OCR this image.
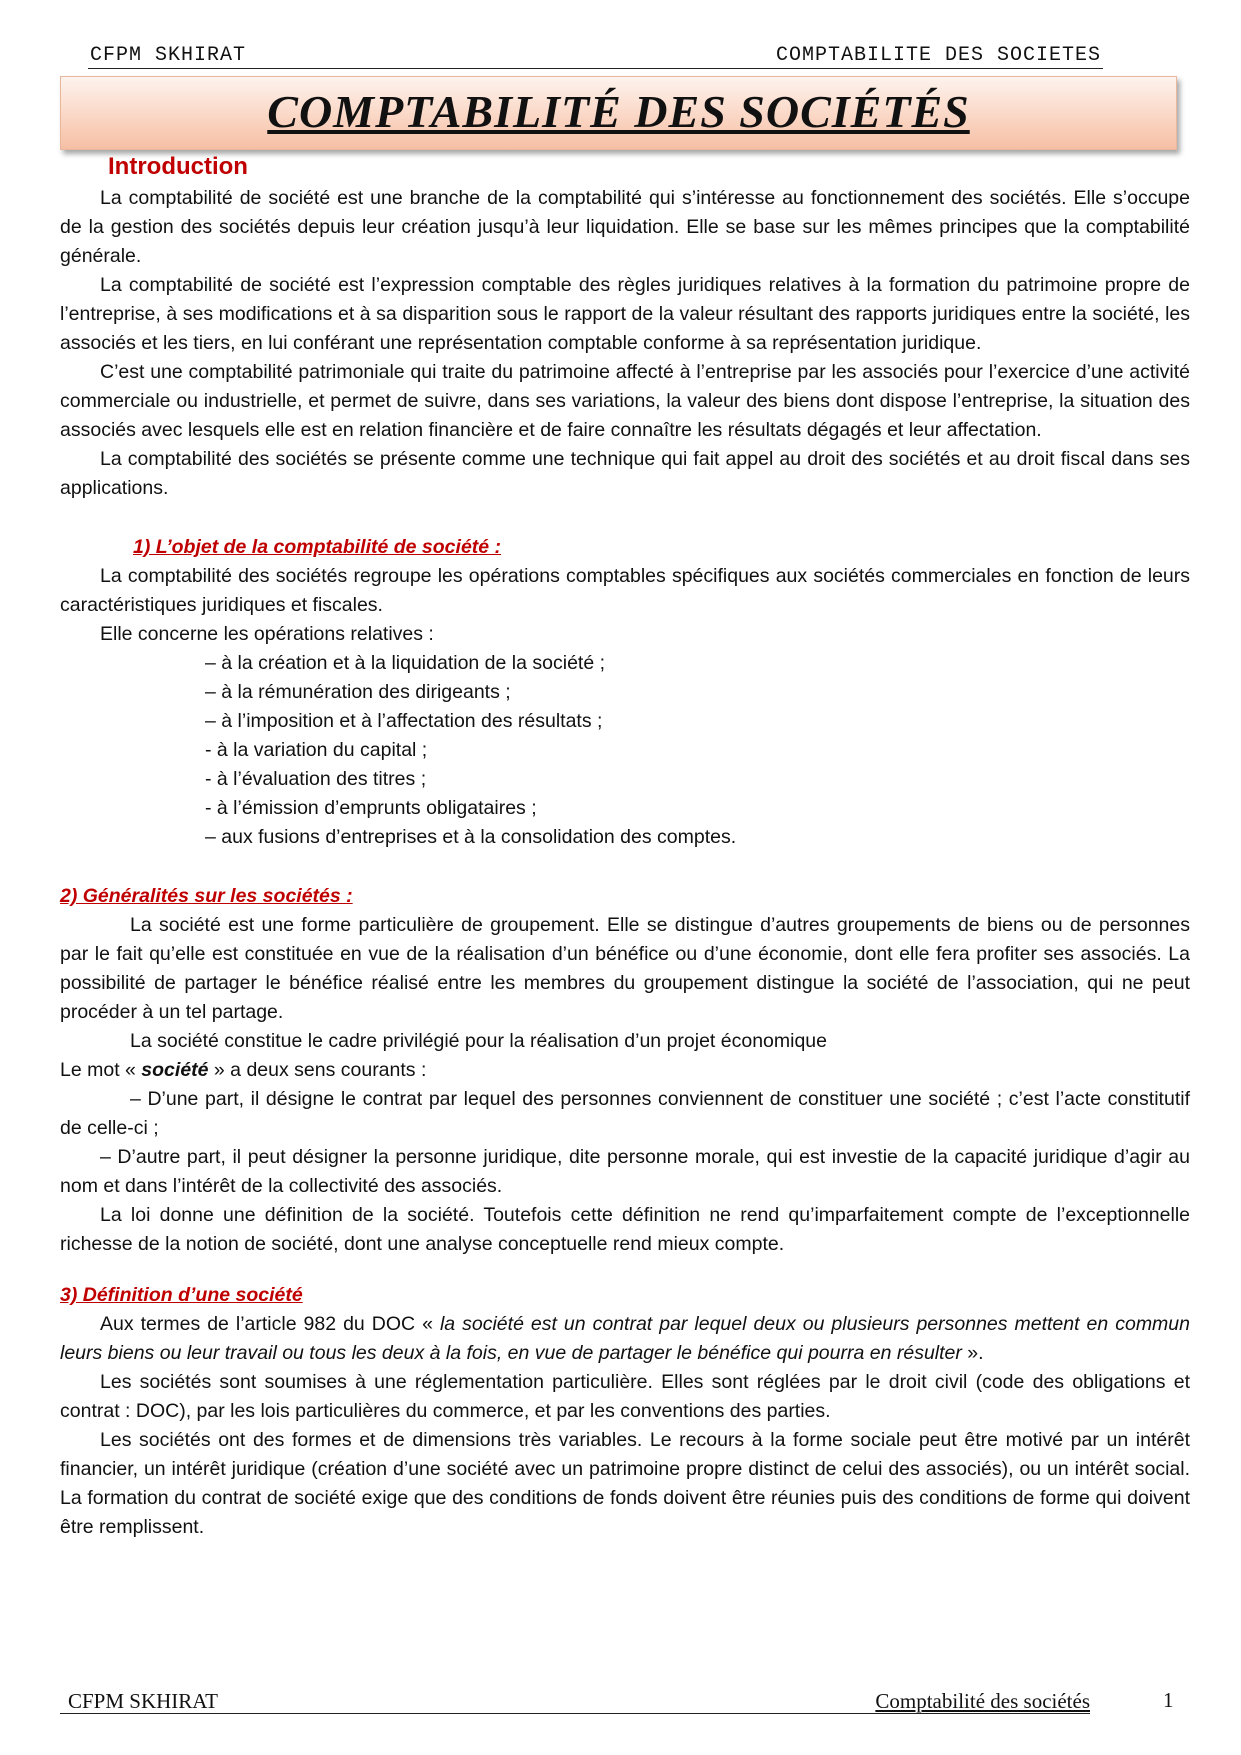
CFPM SKHIRAT	COMPTABILITE DES SOCIETES
COMPTABILITÉ DES SOCIÉTÉS

Introduction

La comptabilité de société est une branche de la comptabilité qui s’intéresse au fonctionnement des sociétés. Elle s’occupe de la gestion des sociétés depuis leur création jusqu’à leur liquidation. Elle se base sur les mêmes principes que la comptabilité générale.

La comptabilité de société est l’expression comptable des règles juridiques relatives à la formation du patrimoine propre de l’entreprise, à ses modifications et à sa disparition sous le rapport de la valeur résultant des rapports juridiques entre la société, les associés et les tiers, en lui conférant une représentation comptable conforme à sa représentation juridique.

C’est une comptabilité patrimoniale qui traite du patrimoine affecté à l’entreprise par les associés pour l’exercice d’une activité commerciale ou industrielle, et permet de suivre, dans ses variations, la valeur des biens dont dispose l’entreprise, la situation des associés avec lesquels elle est en relation financière et de faire connaître les résultats dégagés et leur affectation.

La comptabilité des sociétés se présente comme une technique qui fait appel au droit des sociétés et au droit fiscal dans ses applications.

1) L’objet de la comptabilité de société :

La comptabilité des sociétés regroupe les opérations comptables spécifiques aux sociétés commerciales en fonction de leurs caractéristiques juridiques et fiscales.

Elle concerne les opérations relatives :

– à la création et à la liquidation de la société ;

– à la rémunération des dirigeants ;

– à l’imposition et à l’affectation des résultats ;

- à la variation du capital ;

- à l’évaluation des titres ;

- à l’émission d’emprunts obligataires ;

– aux fusions d’entreprises et à la consolidation des comptes.

2) Généralités sur les sociétés :

La société est une forme particulière de groupement. Elle se distingue d’autres groupements de biens ou de personnes par le fait qu’elle est constituée en vue de la réalisation d’un bénéfice ou d’une économie, dont elle fera profiter ses associés. La possibilité de partager le bénéfice réalisé entre les membres du groupement distingue la société de l’association, qui ne peut procéder à un tel partage.

La société constitue le cadre privilégié pour la réalisation d’un projet économique

Le mot « société » a deux sens courants :

– D’une part, il désigne le contrat par lequel des personnes conviennent de constituer une société ; c’est l’acte constitutif de celle-ci ;

– D’autre part, il peut désigner la personne juridique, dite personne morale, qui est investie de la capacité juridique d’agir au nom et dans l’intérêt de la collectivité des associés.

La loi donne une définition de la société. Toutefois cette définition ne rend qu’imparfaitement compte de l’exceptionnelle richesse de la notion de société, dont une analyse conceptuelle rend mieux compte.

3) Définition d’une société

Aux termes de l’article 982 du DOC « la société est un contrat par lequel deux ou plusieurs personnes mettent en commun leurs biens ou leur travail ou tous les deux à la fois, en vue de partager le bénéfice qui pourra en résulter ».

Les sociétés sont soumises à une réglementation particulière. Elles sont réglées par le droit civil (code des obligations et contrat : DOC), par les lois particulières du commerce, et par les conventions des parties.

Les sociétés ont des formes et de dimensions très variables. Le recours à la forme sociale peut être motivé par un intérêt financier, un intérêt juridique (création d’une société avec un patrimoine propre distinct de celui des associés), ou un intérêt social. La formation du contrat de société exige que des conditions de fonds doivent être réunies puis des conditions de forme qui doivent être remplissent.

CFPM SKHIRAT	Comptabilité des sociétés	1
